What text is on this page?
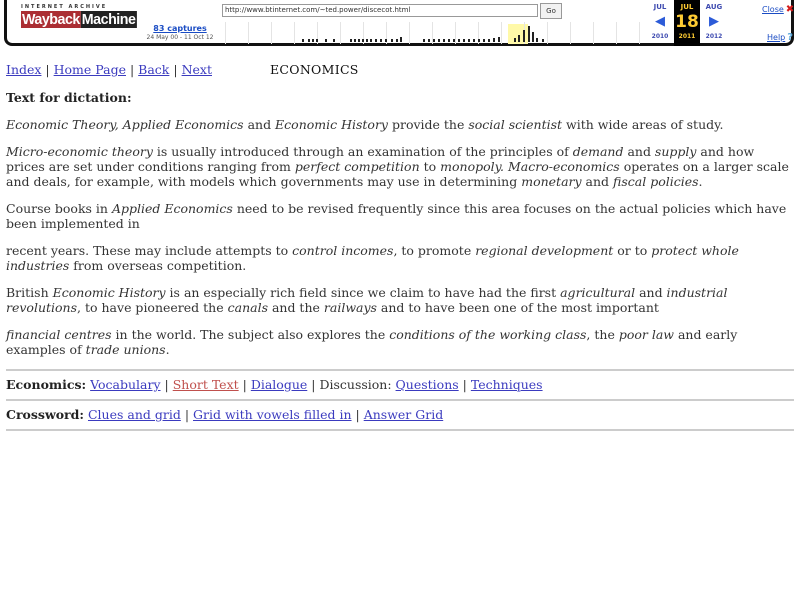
INTERNET ARCHIVE
Wayback Machine
83 captures
24 May 00 - 11 Oct 12
http://www.btinternet.com/~ted.power/discecot.html	Go	JUL
◀
2010
JUL
18
2011
AUG
▶
2012
Close ✖
Help ?
Index | Home Page | Back | Next	ECONOMICS
Text for dictation:

Economic Theory, Applied Economics and Economic History provide the social scientist with wide areas of study.

Micro-economic theory is usually introduced through an examination of the principles of demand and supply and how prices are set under conditions ranging from perfect competition to monopoly. Macro-economics operates on a larger scale and deals, for example, with models which governments may use in determining monetary and fiscal policies.

Course books in Applied Economics need to be revised frequently since this area focuses on the actual policies which have been implemented in

recent years. These may include attempts to control incomes, to promote regional development or to protect whole industries from overseas competition.

British Economic History is an especially rich field since we claim to have had the first agricultural and industrial revolutions, to have pioneered the canals and the railways and to have been one of the most important

financial centres in the world. The subject also explores the conditions of the working class, the poor law and early examples of trade unions.

Economics: Vocabulary | Short Text | Dialogue | Discussion: Questions | Techniques
Crossword: Clues and grid | Grid with vowels filled in | Answer Grid
